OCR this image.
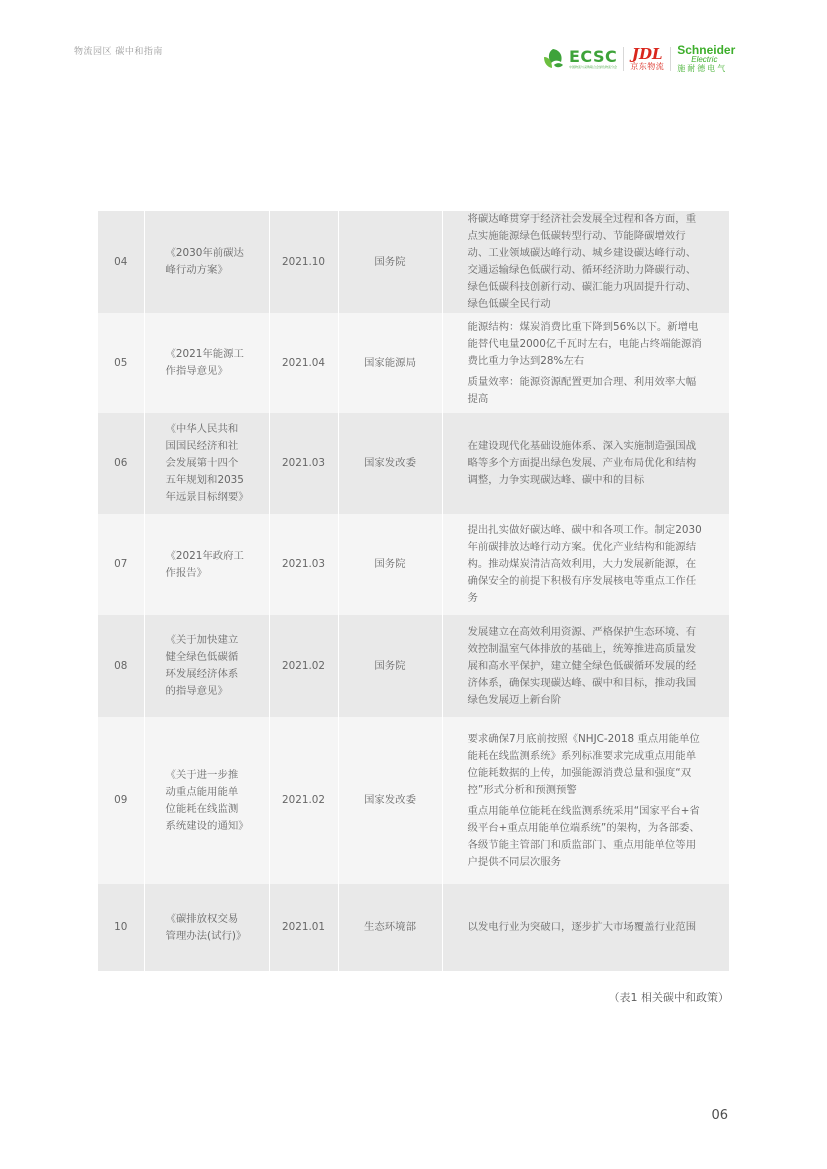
物流园区 碳中和指南	ECSC
中国物流与采购联合会绿色物流分会
JDL
京东物流
Schneider
Electric
施耐德电气
04	《2030年前碳达峰行动方案》	2021.10	国务院	将碳达峰贯穿于经济社会发展全过程和各方面，重点实施能源绿色低碳转型行动、节能降碳增效行动、工业领域碳达峰行动、城乡建设碳达峰行动、交通运输绿色低碳行动、循环经济助力降碳行动、绿色低碳科技创新行动、碳汇能力巩固提升行动、绿色低碳全民行动

05	《2021年能源工作指导意见》	2021.04	国家能源局	能源结构：煤炭消费比重下降到56%以下。新增电能替代电量2000亿千瓦时左右，电能占终端能源消费比重力争达到28%左右

质量效率：能源资源配置更加合理、利用效率大幅提高

06	《中华人民共和国国民经济和社会发展第十四个五年规划和2035年远景目标纲要》	2021.03	国家发改委	在建设现代化基础设施体系、深入实施制造强国战略等多个方面提出绿色发展、产业布局优化和结构调整，力争实现碳达峰、碳中和的目标

07	《2021年政府工作报告》	2021.03	国务院	提出扎实做好碳达峰、碳中和各项工作。制定2030年前碳排放达峰行动方案。优化产业结构和能源结构。推动煤炭清洁高效利用，大力发展新能源，在确保安全的前提下积极有序发展核电等重点工作任务

08	《关于加快建立健全绿色低碳循环发展经济体系的指导意见》	2021.02	国务院	发展建立在高效利用资源、严格保护生态环境、有效控制温室气体排放的基础上，统筹推进高质量发展和高水平保护，建立健全绿色低碳循环发展的经济体系，确保实现碳达峰、碳中和目标，推动我国绿色发展迈上新台阶

09	《关于进一步推动重点能用能单位能耗在线监测系统建设的通知》	2021.02	国家发改委	要求确保7月底前按照《NHJC-2018 重点用能单位能耗在线监测系统》系列标准要求完成重点用能单位能耗数据的上传，加强能源消费总量和强度“双控”形式分析和预测预警

重点用能单位能耗在线监测系统采用“国家平台+省级平台+重点用能单位端系统”的架构，为各部委、各级节能主管部门和质监部门、重点用能单位等用户提供不同层次服务

10	《碳排放权交易管理办法(试行)》	2021.01	生态环境部	以发电行业为突破口，逐步扩大市场覆盖行业范围

（表1 相关碳中和政策）
06
